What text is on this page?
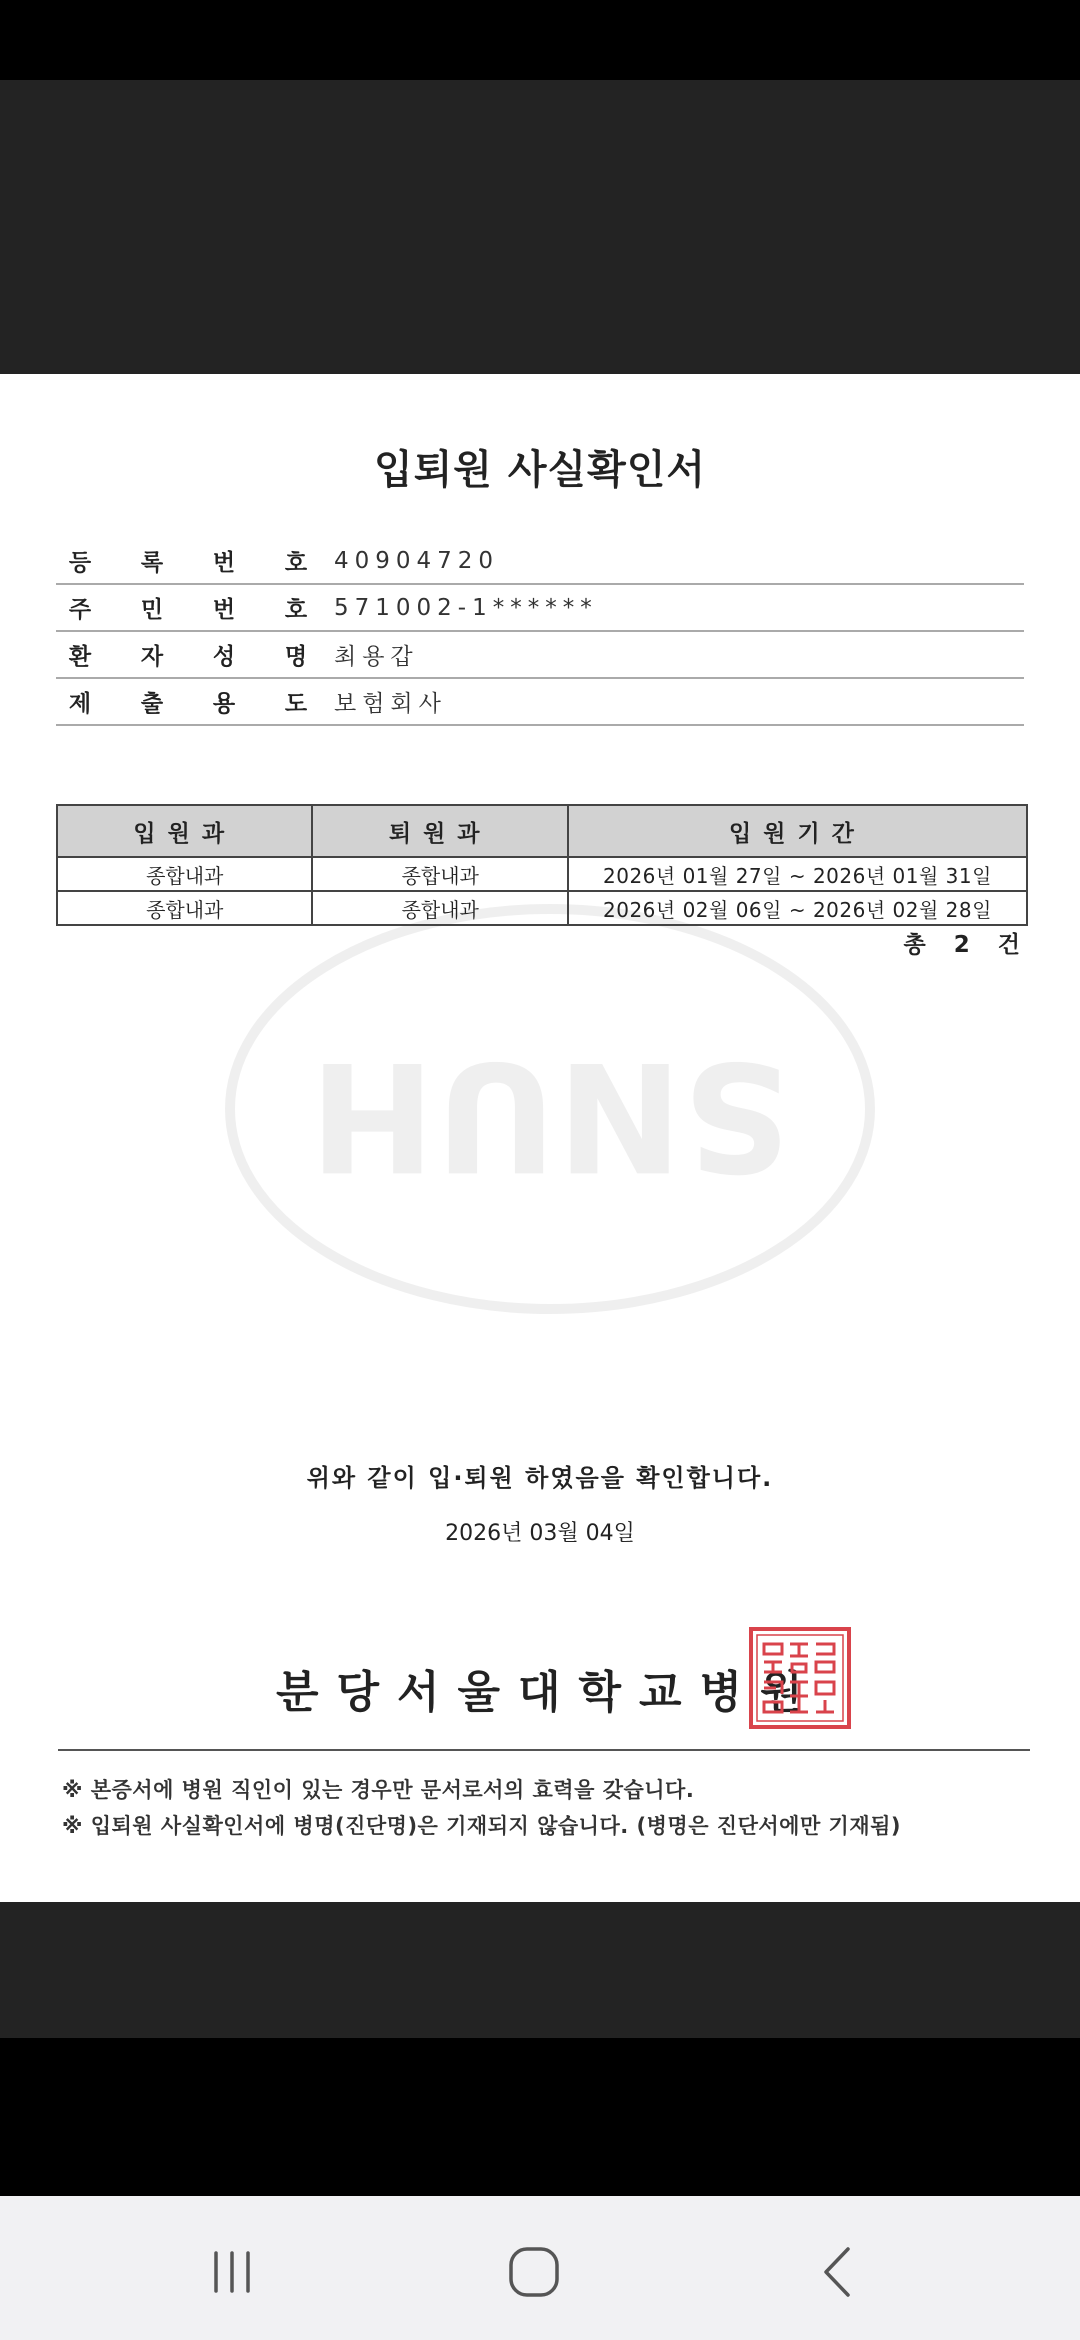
SNUH
입퇴원 사실확인서
등 록 번 호 40904720
주 민 번 호 571002-1******
환 자 성 명 최용갑
제 출 용 도 보험회사
입원과	퇴원과	입원기간
종합내과	종합내과	2026년 01월 27일 ~ 2026년 01월 31일
종합내과	종합내과	2026년 02월 06일 ~ 2026년 02월 28일
총 2 건
위와 같이 입·퇴원 하였음을 확인합니다.
2026년 03월 04일
분당서울대학교병원
※ 본증서에 병원 직인이 있는 경우만 문서로서의 효력을 갖습니다.
※ 입퇴원 사실확인서에 병명(진단명)은 기재되지 않습니다. (병명은 진단서에만 기재됨)
